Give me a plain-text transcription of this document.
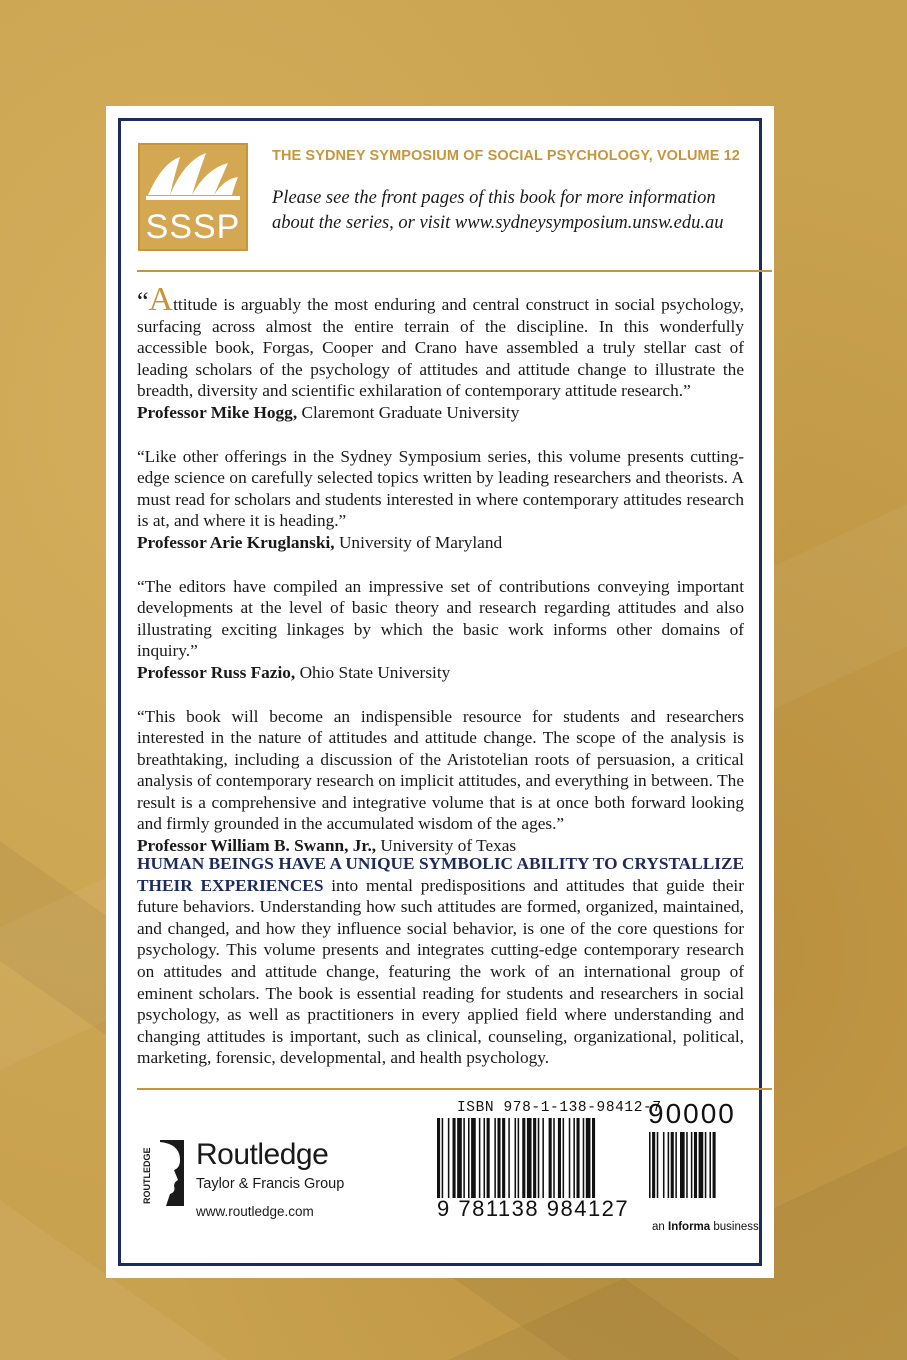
SSSP
THE SYDNEY SYMPOSIUM OF SOCIAL PSYCHOLOGY, VOLUME 12
Please see the front pages of this book for more information about the series, or visit www.sydneysymposium.unsw.edu.au

“Attitude is arguably the most enduring and central construct in social psychology, surfacing across almost the entire terrain of the discipline. In this wonderfully accessible book, Forgas, Cooper and Crano have assembled a truly stellar cast of leading scholars of the psychology of attitudes and attitude change to illustrate the breadth, diversity and scientific exhilaration of contemporary attitude research.”

Professor Mike Hogg, Claremont Graduate University

“Like other offerings in the Sydney Symposium series, this volume presents cutting-edge science on carefully selected topics written by leading researchers and theorists. A must read for scholars and students interested in where contemporary attitudes research is at, and where it is heading.”

Professor Arie Kruglanski, University of Maryland

“The editors have compiled an impressive set of contributions conveying important developments at the level of basic theory and research regarding attitudes and also illustrating exciting linkages by which the basic work informs other domains of inquiry.”

Professor Russ Fazio, Ohio State University

“This book will become an indispensible resource for students and researchers interested in the nature of attitudes and attitude change. The scope of the analysis is breathtaking, including a discussion of the Aristotelian roots of persuasion, a critical analysis of contemporary research on implicit attitudes, and everything in between. The result is a comprehensive and integrative volume that is at once both forward looking and firmly grounded in the accumulated wisdom of the ages.”

Professor William B. Swann, Jr., University of Texas

HUMAN BEINGS HAVE A UNIQUE SYMBOLIC ABILITY TO CRYSTALLIZE THEIR EXPERIENCES into mental predispositions and attitudes that guide their future behaviors. Understanding how such attitudes are formed, organized, maintained, and changed, and how they influence social behavior, is one of the core questions for psychology. This volume presents and integrates cutting-edge contemporary research on attitudes and attitude change, featuring the work of an international group of eminent scholars. The book is essential reading for students and researchers in social psychology, as well as practitioners in every applied field where understanding and changing attitudes is important, such as clinical, counseling, organizational, political, marketing, forensic, developmental, and health psychology.

ROUTLEDGE Routledge
Taylor & Francis Group
www.routledge.com
ISBN 978-1-138-98412-7
90000
9 781138 984127
an Informa business
